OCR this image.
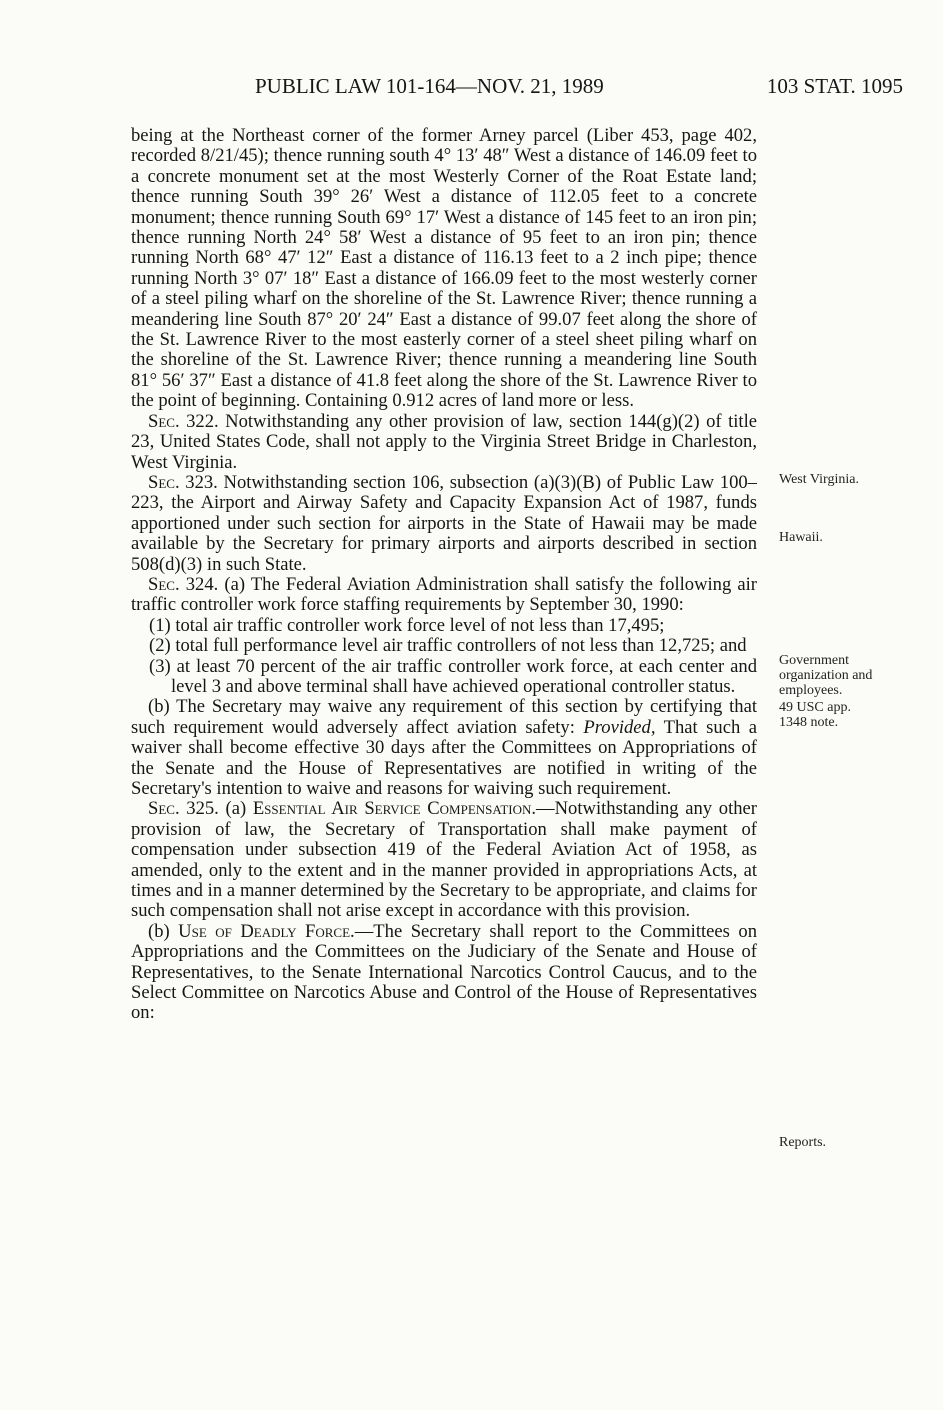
PUBLIC LAW 101-164—NOV. 21, 1989	103 STAT. 1095

being at the Northeast corner of the former Arney parcel (Liber 453, page 402, recorded 8/21/45); thence running south 4° 13′ 48″ West a distance of 146.09 feet to a concrete monument set at the most Westerly Corner of the Roat Estate land; thence running South 39° 26′ West a distance of 112.05 feet to a concrete monument; thence running South 69° 17′ West a distance of 145 feet to an iron pin; thence running North 24° 58′ West a distance of 95 feet to an iron pin; thence running North 68° 47′ 12″ East a distance of 116.13 feet to a 2 inch pipe; thence running North 3° 07′ 18″ East a distance of 166.09 feet to the most westerly corner of a steel piling wharf on the shoreline of the St. Lawrence River; thence running a meandering line South 87° 20′ 24″ East a distance of 99.07 feet along the shore of the St. Lawrence River to the most easterly corner of a steel sheet piling wharf on the shoreline of the St. Lawrence River; thence running a meandering line South 81° 56′ 37″ East a distance of 41.8 feet along the shore of the St. Lawrence River to the point of beginning. Containing 0.912 acres of land more or less.

Sec. 322. Notwithstanding any other provision of law, section 144(g)(2) of title 23, United States Code, shall not apply to the Virginia Street Bridge in Charleston, West Virginia.

Sec. 323. Notwithstanding section 106, subsection (a)(3)(B) of Public Law 100–223, the Airport and Airway Safety and Capacity Expansion Act of 1987, funds apportioned under such section for airports in the State of Hawaii may be made available by the Secretary for primary airports and airports described in section 508(d)(3) in such State.

Sec. 324. (a) The Federal Aviation Administration shall satisfy the following air traffic controller work force staffing requirements by September 30, 1990:

(1) total air traffic controller work force level of not less than 17,495;

(2) total full performance level air traffic controllers of not less than 12,725; and

(3) at least 70 percent of the air traffic controller work force, at each center and level 3 and above terminal shall have achieved operational controller status.

(b) The Secretary may waive any requirement of this section by certifying that such requirement would adversely affect aviation safety: Provided, That such a waiver shall become effective 30 days after the Committees on Appropriations of the Senate and the House of Representatives are notified in writing of the Secretary's intention to waive and reasons for waiving such requirement.

Sec. 325. (a) Essential Air Service Compensation.—Notwithstanding any other provision of law, the Secretary of Transportation shall make payment of compensation under subsection 419 of the Federal Aviation Act of 1958, as amended, only to the extent and in the manner provided in appropriations Acts, at times and in a manner determined by the Secretary to be appropriate, and claims for such compensation shall not arise except in accordance with this provision.

(b) Use of Deadly Force.—The Secretary shall report to the Committees on Appropriations and the Committees on the Judiciary of the Senate and House of Representatives, to the Senate International Narcotics Control Caucus, and to the Select Committee on Narcotics Abuse and Control of the House of Representatives on:

West Virginia.
Hawaii.
Government organization and employees.
49 USC app. 1348 note.
Reports.
